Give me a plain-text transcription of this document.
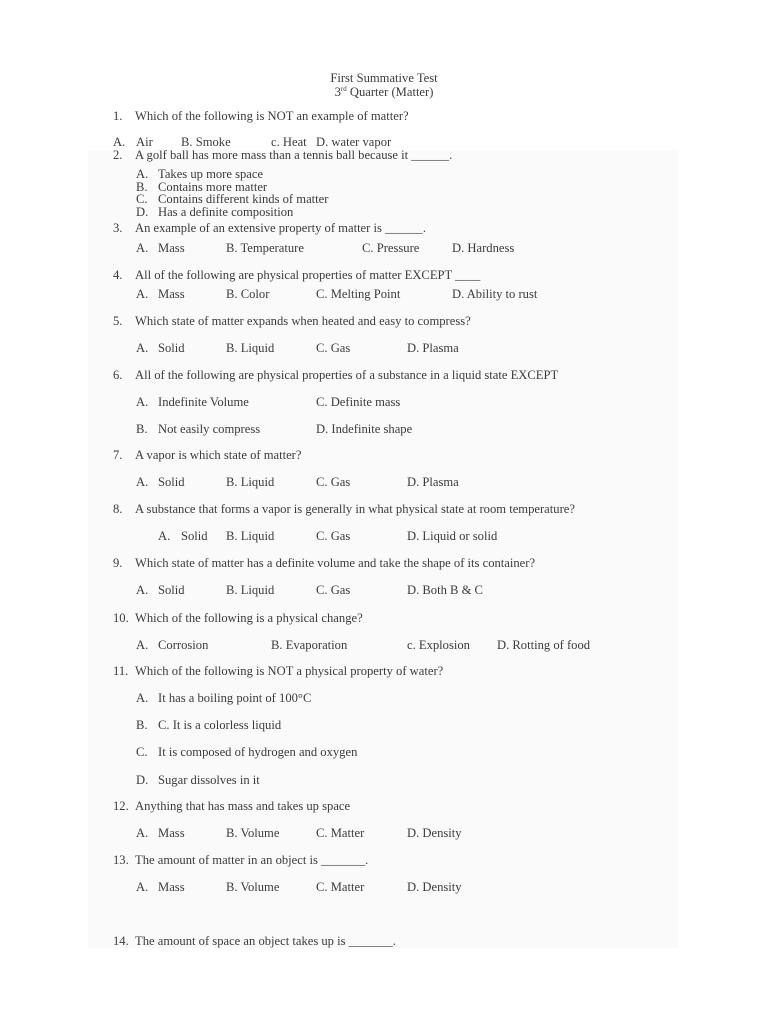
First Summative Test
3rd Quarter (Matter)
1. Which of the following is NOT an example of matter?
A. Air B. Smoke	c. Heat D. water vapor
2. A golf ball has more mass than a tennis ball because it ______.
A. Takes up more space
B. Contains more matter
C. Contains different kinds of matter
D. Has a definite composition
3. An example of an extensive property of matter is ______.
A. Mass	B. Temperature	C. Pressure	D. Hardness
4. All of the following are physical properties of matter EXCEPT ____
A. Mass	B. Color	C. Melting Point	D. Ability to rust
5. Which state of matter expands when heated and easy to compress?
A. Solid	B. Liquid	C. Gas	D. Plasma
6. All of the following are physical properties of a substance in a liquid state EXCEPT
A. Indefinite Volume	C. Definite mass
B. Not easily compress	D. Indefinite shape
7. A vapor is which state of matter?
A. Solid	B. Liquid	C. Gas	D. Plasma
8. A substance that forms a vapor is generally in what physical state at room temperature?
A. Solid B. Liquid	C. Gas	D. Liquid or solid
9. Which state of matter has a definite volume and take the shape of its container?
A. Solid	B. Liquid	C. Gas	D. Both B & C
10. Which of the following is a physical change?
A. Corrosion	B. Evaporation	c. Explosion D. Rotting of food
11. Which of the following is NOT a physical property of water?
A. It has a boiling point of 100°C
B. C. It is a colorless liquid
C. It is composed of hydrogen and oxygen
D. Sugar dissolves in it
12. Anything that has mass and takes up space
A. Mass	B. Volume	C. Matter	D. Density
13. The amount of matter in an object is _______.
A. Mass	B. Volume	C. Matter	D. Density
14. The amount of space an object takes up is _______.
